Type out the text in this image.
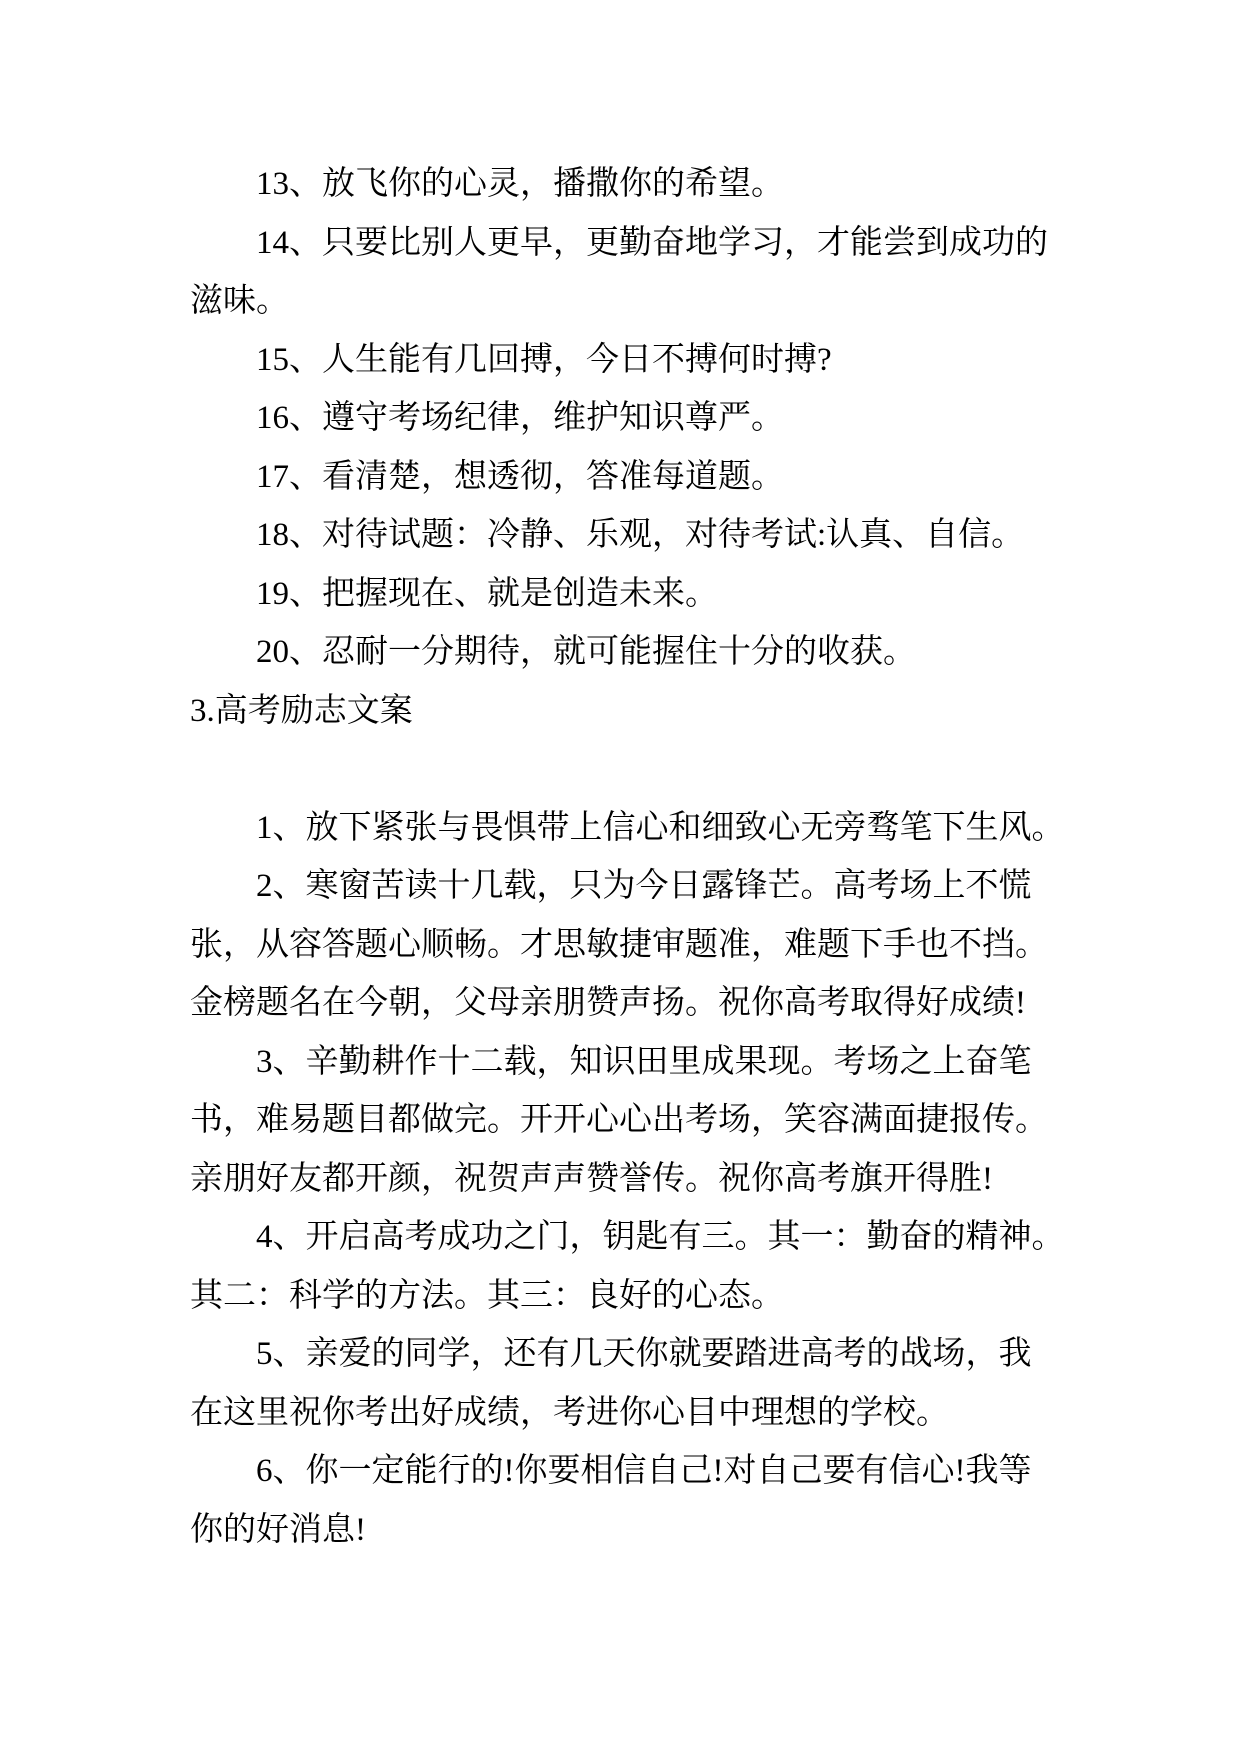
13、放飞你的心灵，播撒你的希望。
14、只要比别人更早，更勤奋地学习，才能尝到成功的
滋味。
15、人生能有几回搏，今日不搏何时搏?
16、遵守考场纪律，维护知识尊严。
17、看清楚，想透彻，答准每道题。
18、对待试题：冷静、乐观，对待考试:认真、自信。
19、把握现在、就是创造未来。
20、忍耐一分期待，就可能握住十分的收获。
3.高考励志文案
1、放下紧张与畏惧带上信心和细致心无旁骛笔下生风。
2、寒窗苦读十几载，只为今日露锋芒。高考场上不慌
张，从容答题心顺畅。才思敏捷审题准，难题下手也不挡。
金榜题名在今朝，父母亲朋赞声扬。祝你高考取得好成绩!
3、辛勤耕作十二载，知识田里成果现。考场之上奋笔
书，难易题目都做完。开开心心出考场，笑容满面捷报传。
亲朋好友都开颜，祝贺声声赞誉传。祝你高考旗开得胜!
4、开启高考成功之门，钥匙有三。其一：勤奋的精神。
其二：科学的方法。其三：良好的心态。
5、亲爱的同学，还有几天你就要踏进高考的战场，我
在这里祝你考出好成绩，考进你心目中理想的学校。
6、你一定能行的!你要相信自己!对自己要有信心!我等
你的好消息!
